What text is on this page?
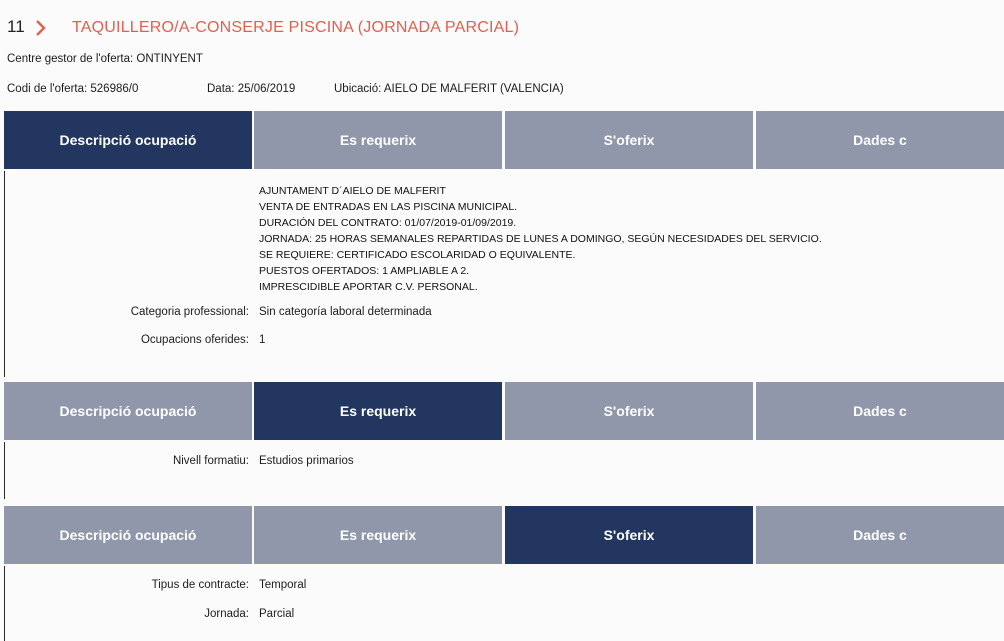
11	TAQUILLERO/A-CONSERJE PISCINA (JORNADA PARCIAL)
Centre gestor de l'oferta: ONTINYENT
Codi de l'oferta: 526986/0	Data: 25/06/2019	Ubicació: AIELO DE MALFERIT (VALENCIA)
Descripció ocupació	Es requerix	S'oferix	Dades c
AJUNTAMENT D´AIELO DE MALFERIT
VENTA DE ENTRADAS EN LAS PISCINA MUNICIPAL.
DURACIÓN DEL CONTRATO: 01/07/2019-01/09/2019.
JORNADA: 25 HORAS SEMANALES REPARTIDAS DE LUNES A DOMINGO, SEGÚN NECESIDADES DEL SERVICIO.
SE REQUIERE: CERTIFICADO ESCOLARIDAD O EQUIVALENTE.
PUESTOS OFERTADOS: 1 AMPLIABLE A 2.
IMPRESCIDIBLE APORTAR C.V. PERSONAL.
Categoria professional: Sin categoría laboral determinada
Ocupacions oferides: 1
Descripció ocupació	Es requerix	S'oferix	Dades c
Nivell formatiu: Estudios primarios
Descripció ocupació	Es requerix	S'oferix	Dades c
Tipus de contracte: Temporal
Jornada: Parcial
